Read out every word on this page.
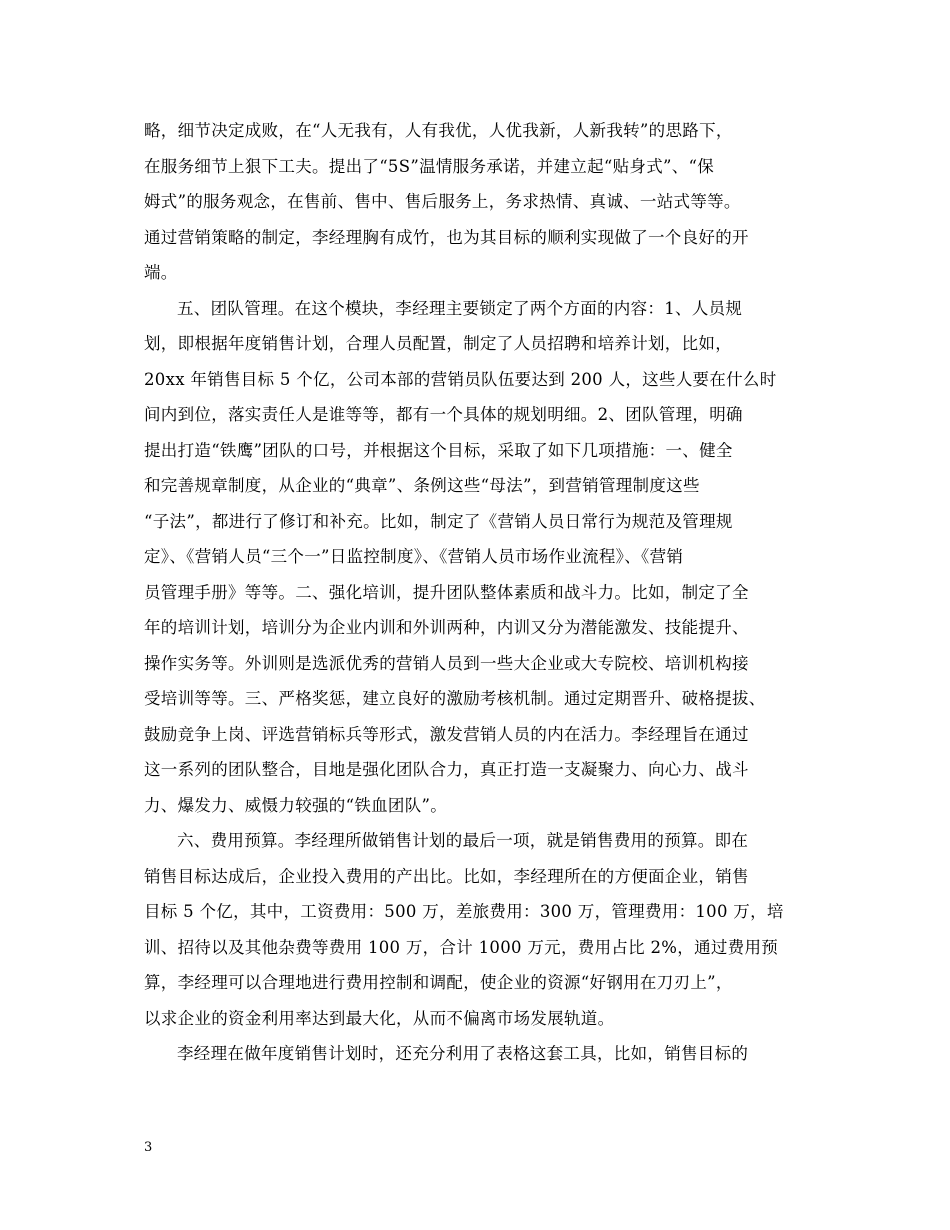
略，细节决定成败，在“人无我有，人有我优，人优我新，人新我转”的思路下，
在服务细节上狠下工夫。提出了“5S”温情服务承诺，并建立起“贴身式”、“保
姆式”的服务观念，在售前、售中、售后服务上，务求热情、真诚、一站式等等。
通过营销策略的制定，李经理胸有成竹，也为其目标的顺利实现做了一个良好的开
端。
五、团队管理。在这个模块，李经理主要锁定了两个方面的内容：1、人员规
划，即根据年度销售计划，合理人员配置，制定了人员招聘和培养计划，比如，
20xx 年销售目标 5 个亿，公司本部的营销员队伍要达到 200 人，这些人要在什么时
间内到位，落实责任人是谁等等，都有一个具体的规划明细。2、团队管理，明确
提出打造“铁鹰”团队的口号，并根据这个目标，采取了如下几项措施：一、健全
和完善规章制度，从企业的“典章”、条例这些“母法”，到营销管理制度这些
“子法”，都进行了修订和补充。比如，制定了《营销人员日常行为规范及管理规
定》、《营销人员“三个一”日监控制度》、《营销人员市场作业流程》、《营销
员管理手册》等等。二、强化培训，提升团队整体素质和战斗力。比如，制定了全
年的培训计划，培训分为企业内训和外训两种，内训又分为潜能激发、技能提升、
操作实务等。外训则是选派优秀的营销人员到一些大企业或大专院校、培训机构接
受培训等等。三、严格奖惩，建立良好的激励考核机制。通过定期晋升、破格提拔、
鼓励竞争上岗、评选营销标兵等形式，激发营销人员的内在活力。李经理旨在通过
这一系列的团队整合，目地是强化团队合力，真正打造一支凝聚力、向心力、战斗
力、爆发力、威慑力较强的“铁血团队”。
六、费用预算。李经理所做销售计划的最后一项，就是销售费用的预算。即在
销售目标达成后，企业投入费用的产出比。比如，李经理所在的方便面企业，销售
目标 5 个亿，其中，工资费用：500 万，差旅费用：300 万，管理费用：100 万，培
训、招待以及其他杂费等费用 100 万，合计 1000 万元，费用占比 2%，通过费用预
算，李经理可以合理地进行费用控制和调配，使企业的资源“好钢用在刀刃上”，
以求企业的资金利用率达到最大化，从而不偏离市场发展轨道。
李经理在做年度销售计划时，还充分利用了表格这套工具，比如，销售目标的
3
